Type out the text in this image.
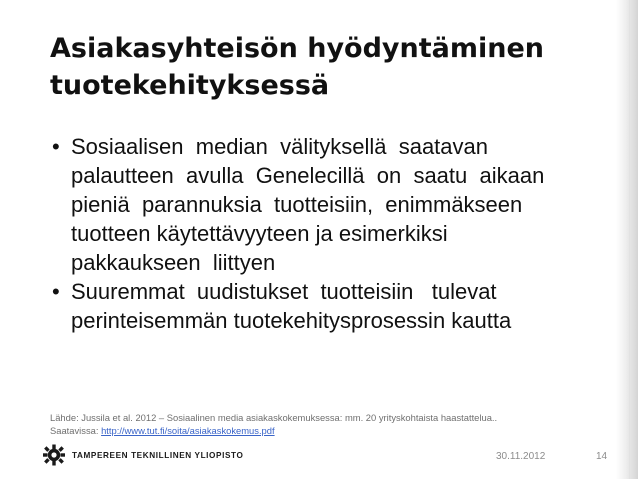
Asiakasyhteisön hyödyntäminen
tuotekehityksessä
• Sosiaalisen  median  välityksellä  saatavan
palautteen  avulla  Genelecillä  on  saatu  aikaan
pieniä  parannuksia  tuotteisiin,  enimmäkseen
tuotteen käytettävyyteen ja esimerkiksi
pakkaukseen  liittyen
• Suuremmat  uudistukset  tuotteisiin   tulevat
perinteisemmän tuotekehitysprosessin kautta
Lähde: Jussila et al. 2012 – Sosiaalinen media asiakaskokemuksessa: mm. 20 yrityskohtaista haastattelua..
Saatavissa: http://www.tut.fi/soita/asiakaskokemus.pdf
TAMPEREEN TEKNILLINEN YLIOPISTO	30.11.2012	14
